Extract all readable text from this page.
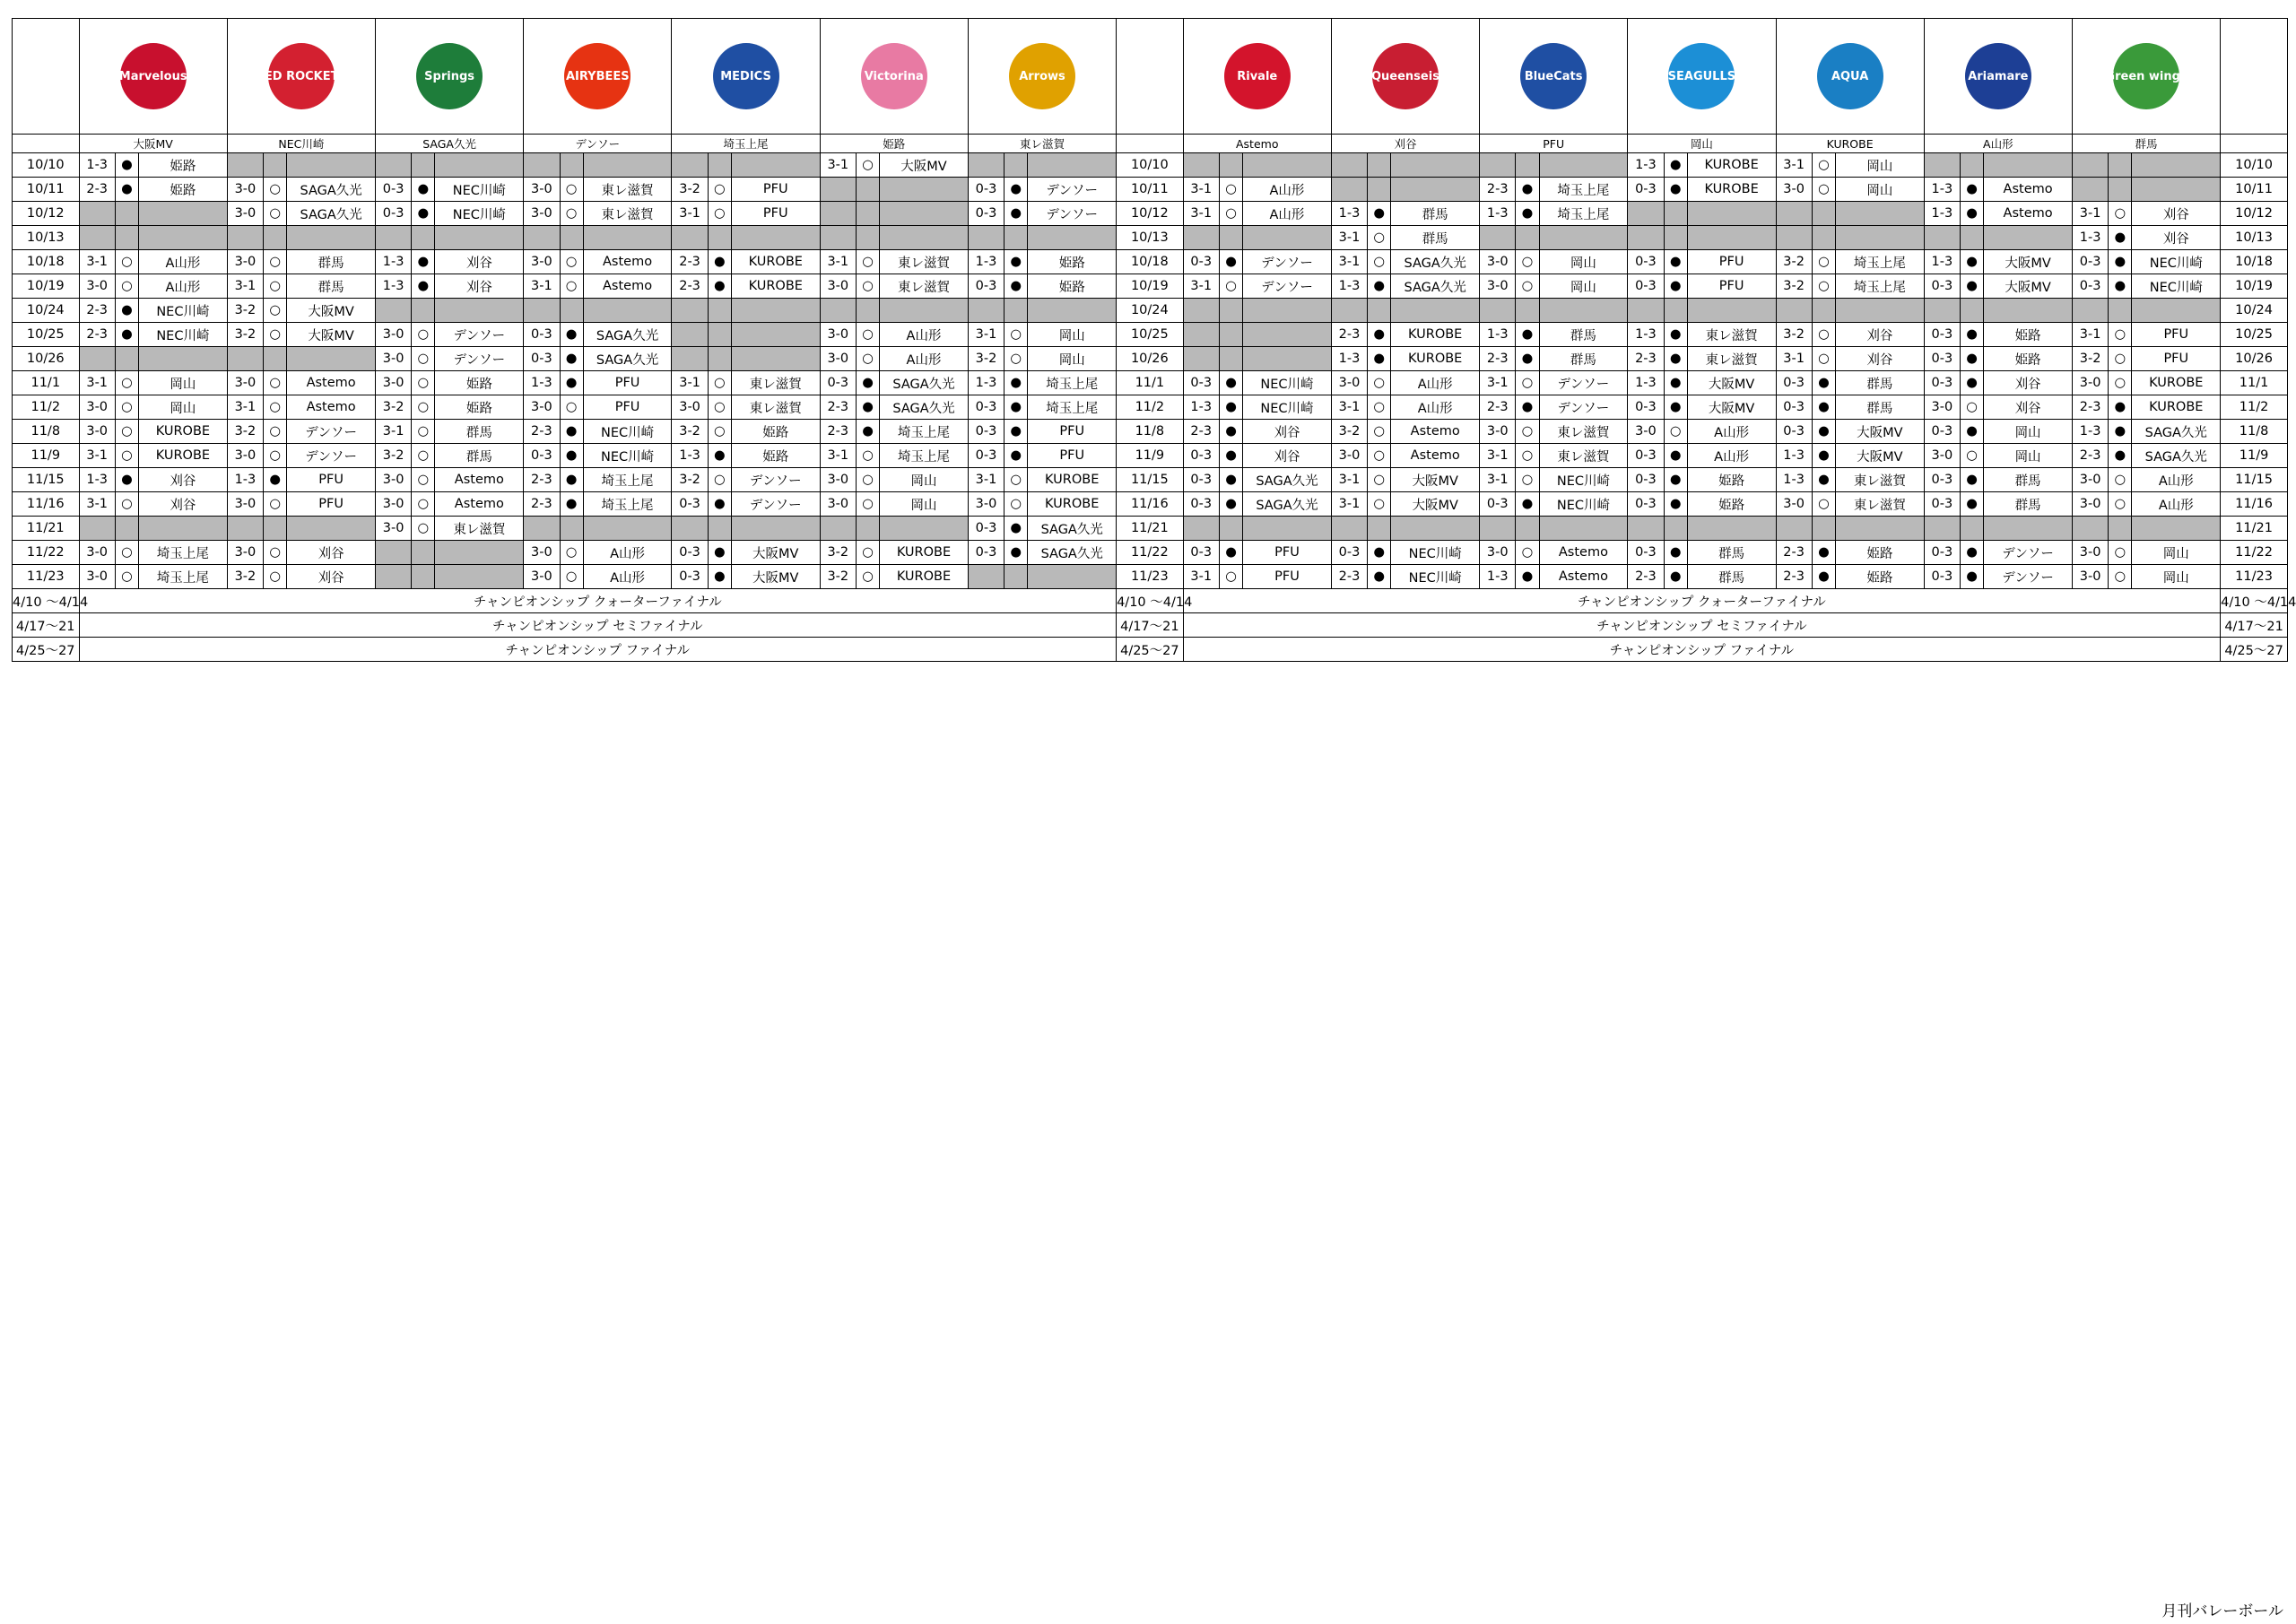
Marvelous			RED ROCKETS			Springs			AIRYBEES			MEDICS			Victorina			Arrows				Rivale			Queenseis			BlueCats			SEAGULLS			AQUA			Ariamare			Green wings			

	大阪MV			NEC川崎			SAGA久光			デンソー			埼玉上尾			姫路			東レ滋賀				Astemo			刈谷			PFU			岡山			KUROBE			A山形			群馬			
10/10	1-3	●	姫路													3-1	○	大阪MV				10/10										1-3	●	KUROBE	3-1	○	岡山							10/10
10/11	2-3	●	姫路	3-0	○	SAGA久光	0-3	●	NEC川崎	3-0	○	東レ滋賀	3-2	○	PFU				0-3	●	デンソー	10/11	3-1	○	A山形				2-3	●	埼玉上尾	0-3	●	KUROBE	3-0	○	岡山	1-3	●	Astemo				10/11
10/12				3-0	○	SAGA久光	0-3	●	NEC川崎	3-0	○	東レ滋賀	3-1	○	PFU				0-3	●	デンソー	10/12	3-1	○	A山形	1-3	●	群馬	1-3	●	埼玉上尾							1-3	●	Astemo	3-1	○	刈谷	10/12
10/13																						10/13				3-1	○	群馬													1-3	●	刈谷	10/13
10/18	3-1	○	A山形	3-0	○	群馬	1-3	●	刈谷	3-0	○	Astemo	2-3	●	KUROBE	3-1	○	東レ滋賀	1-3	●	姫路	10/18	0-3	●	デンソー	3-1	○	SAGA久光	3-0	○	岡山	0-3	●	PFU	3-2	○	埼玉上尾	1-3	●	大阪MV	0-3	●	NEC川崎	10/18
10/19	3-0	○	A山形	3-1	○	群馬	1-3	●	刈谷	3-1	○	Astemo	2-3	●	KUROBE	3-0	○	東レ滋賀	0-3	●	姫路	10/19	3-1	○	デンソー	1-3	●	SAGA久光	3-0	○	岡山	0-3	●	PFU	3-2	○	埼玉上尾	0-3	●	大阪MV	0-3	●	NEC川崎	10/19
10/24	2-3	●	NEC川崎	3-2	○	大阪MV																10/24																						10/24
10/25	2-3	●	NEC川崎	3-2	○	大阪MV	3-0	○	デンソー	0-3	●	SAGA久光				3-0	○	A山形	3-1	○	岡山	10/25				2-3	●	KUROBE	1-3	●	群馬	1-3	●	東レ滋賀	3-2	○	刈谷	0-3	●	姫路	3-1	○	PFU	10/25
10/26							3-0	○	デンソー	0-3	●	SAGA久光				3-0	○	A山形	3-2	○	岡山	10/26				1-3	●	KUROBE	2-3	●	群馬	2-3	●	東レ滋賀	3-1	○	刈谷	0-3	●	姫路	3-2	○	PFU	10/26
11/1	3-1	○	岡山	3-0	○	Astemo	3-0	○	姫路	1-3	●	PFU	3-1	○	東レ滋賀	0-3	●	SAGA久光	1-3	●	埼玉上尾	11/1	0-3	●	NEC川崎	3-0	○	A山形	3-1	○	デンソー	1-3	●	大阪MV	0-3	●	群馬	0-3	●	刈谷	3-0	○	KUROBE	11/1
11/2	3-0	○	岡山	3-1	○	Astemo	3-2	○	姫路	3-0	○	PFU	3-0	○	東レ滋賀	2-3	●	SAGA久光	0-3	●	埼玉上尾	11/2	1-3	●	NEC川崎	3-1	○	A山形	2-3	●	デンソー	0-3	●	大阪MV	0-3	●	群馬	3-0	○	刈谷	2-3	●	KUROBE	11/2
11/8	3-0	○	KUROBE	3-2	○	デンソー	3-1	○	群馬	2-3	●	NEC川崎	3-2	○	姫路	2-3	●	埼玉上尾	0-3	●	PFU	11/8	2-3	●	刈谷	3-2	○	Astemo	3-0	○	東レ滋賀	3-0	○	A山形	0-3	●	大阪MV	0-3	●	岡山	1-3	●	SAGA久光	11/8
11/9	3-1	○	KUROBE	3-0	○	デンソー	3-2	○	群馬	0-3	●	NEC川崎	1-3	●	姫路	3-1	○	埼玉上尾	0-3	●	PFU	11/9	0-3	●	刈谷	3-0	○	Astemo	3-1	○	東レ滋賀	0-3	●	A山形	1-3	●	大阪MV	3-0	○	岡山	2-3	●	SAGA久光	11/9
11/15	1-3	●	刈谷	1-3	●	PFU	3-0	○	Astemo	2-3	●	埼玉上尾	3-2	○	デンソー	3-0	○	岡山	3-1	○	KUROBE	11/15	0-3	●	SAGA久光	3-1	○	大阪MV	3-1	○	NEC川崎	0-3	●	姫路	1-3	●	東レ滋賀	0-3	●	群馬	3-0	○	A山形	11/15
11/16	3-1	○	刈谷	3-0	○	PFU	3-0	○	Astemo	2-3	●	埼玉上尾	0-3	●	デンソー	3-0	○	岡山	3-0	○	KUROBE	11/16	0-3	●	SAGA久光	3-1	○	大阪MV	0-3	●	NEC川崎	0-3	●	姫路	3-0	○	東レ滋賀	0-3	●	群馬	3-0	○	A山形	11/16
11/21							3-0	○	東レ滋賀										0-3	●	SAGA久光	11/21																						11/21
11/22	3-0	○	埼玉上尾	3-0	○	刈谷				3-0	○	A山形	0-3	●	大阪MV	3-2	○	KUROBE	0-3	●	SAGA久光	11/22	0-3	●	PFU	0-3	●	NEC川崎	3-0	○	Astemo	0-3	●	群馬	2-3	●	姫路	0-3	●	デンソー	3-0	○	岡山	11/22
11/23	3-0	○	埼玉上尾	3-2	○	刈谷				3-0	○	A山形	0-3	●	大阪MV	3-2	○	KUROBE				11/23	3-1	○	PFU	2-3	●	NEC川崎	1-3	●	Astemo	2-3	●	群馬	2-3	●	姫路	0-3	●	デンソー	3-0	○	岡山	11/23
4/10 ～4/14	チャンピオンシップ クォーターファイナル																					4/10 ～4/14	チャンピオンシップ クォーターファイナル																					4/10 ～4/14
4/17〜21	チャンピオンシップ セミファイナル																					4/17〜21	チャンピオンシップ セミファイナル																					4/17〜21
4/25〜27	チャンピオンシップ ファイナル																					4/25〜27	チャンピオンシップ ファイナル																					4/25〜27
月刊バレーボール
